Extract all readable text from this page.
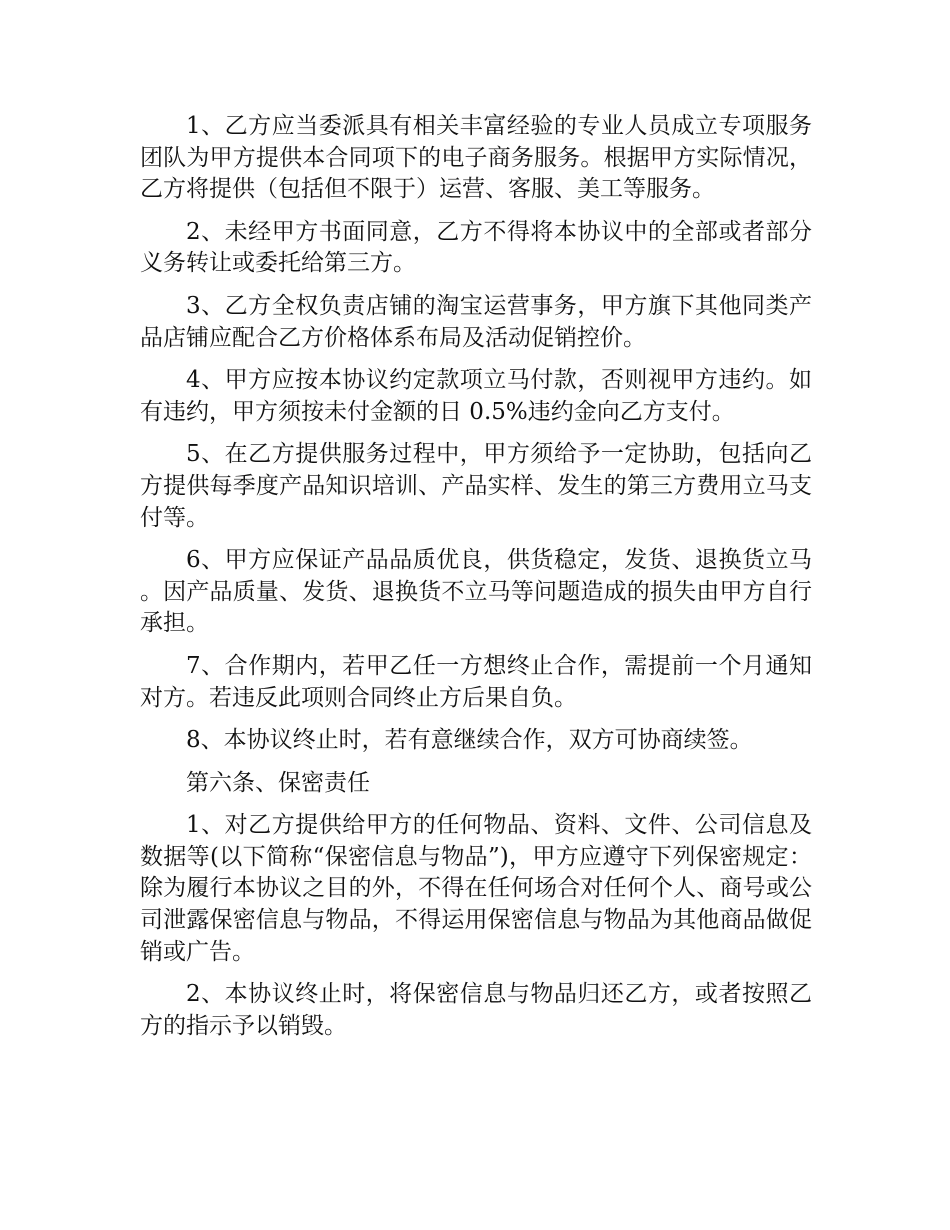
1、乙方应当委派具有相关丰富经验的专业人员成立专项服务团队为甲方提供本合同项下的电子商务服务。根据甲方实际情况，乙方将提供（包括但不限于）运营、客服、美工等服务。

2、未经甲方书面同意，乙方不得将本协议中的全部或者部分义务转让或委托给第三方。

3、乙方全权负责店铺的淘宝运营事务，甲方旗下其他同类产品店铺应配合乙方价格体系布局及活动促销控价。

4、甲方应按本协议约定款项立马付款，否则视甲方违约。如有违约，甲方须按未付金额的日 0.5%违约金向乙方支付。

5、在乙方提供服务过程中，甲方须给予一定协助，包括向乙方提供每季度产品知识培训、产品实样、发生的第三方费用立马支付等。

6、甲方应保证产品品质优良，供货稳定，发货、退换货立马。因产品质量、发货、退换货不立马等问题造成的损失由甲方自行承担。

7、合作期内，若甲乙任一方想终止合作，需提前一个月通知对方。若违反此项则合同终止方后果自负。

8、本协议终止时，若有意继续合作，双方可协商续签。

第六条、保密责任

1、对乙方提供给甲方的任何物品、资料、文件、公司信息及数据等(以下简称“保密信息与物品”)，甲方应遵守下列保密规定：除为履行本协议之目的外，不得在任何场合对任何个人、商号或公司泄露保密信息与物品，不得运用保密信息与物品为其他商品做促销或广告。

2、本协议终止时，将保密信息与物品归还乙方，或者按照乙方的指示予以销毁。
